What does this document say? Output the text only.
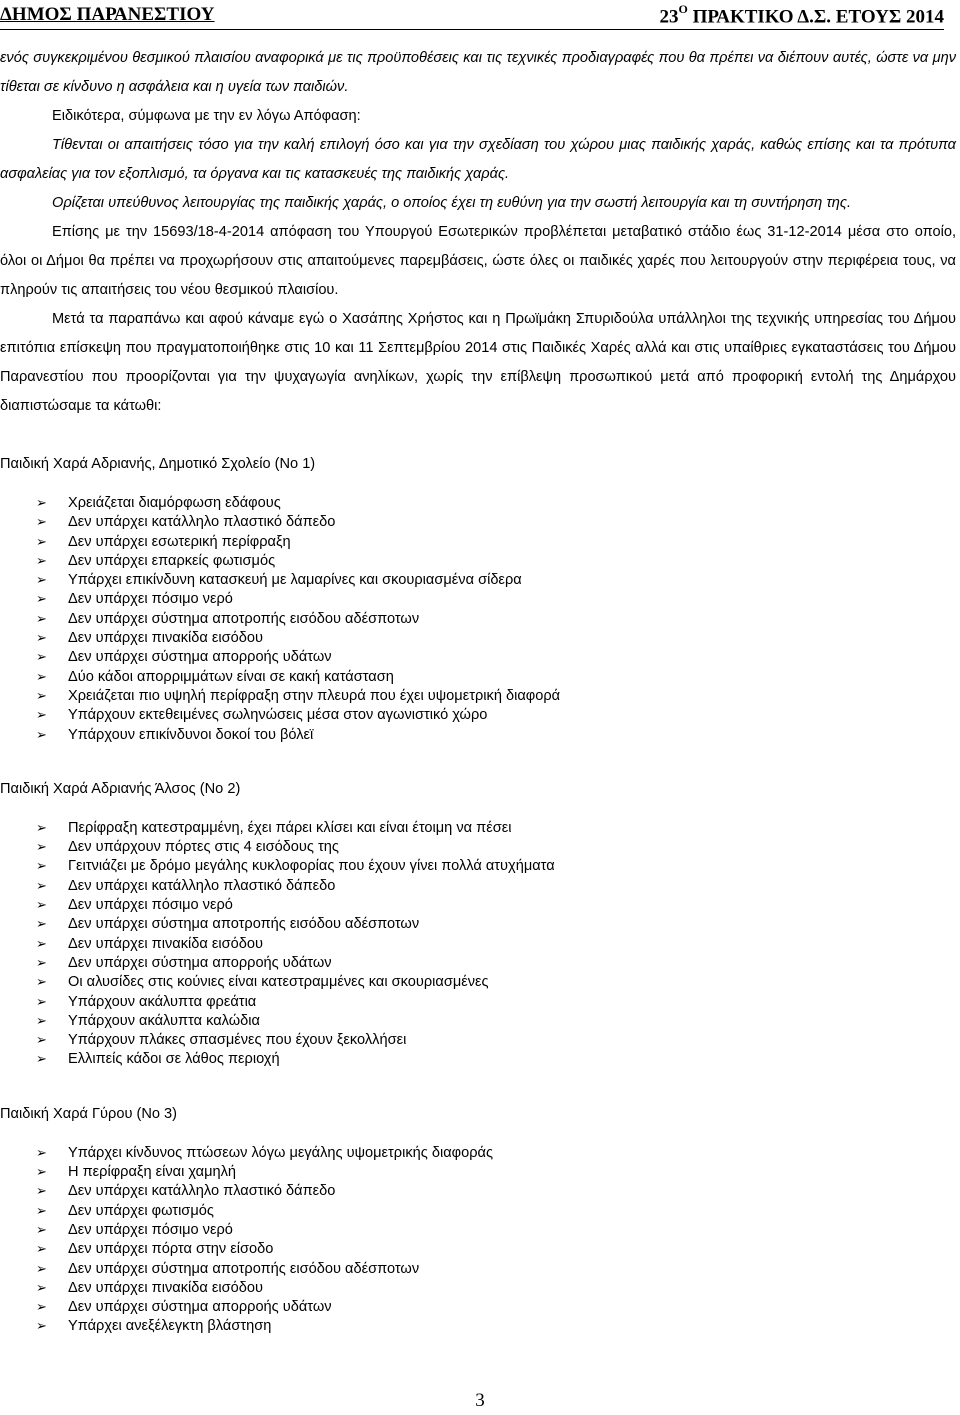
ΔΗΜΟΣ ΠΑΡΑΝΕΣΤΙΟΥ	$23^O$ ΠΡΑΚΤΙΚΟ Δ.Σ. ΕΤΟΥΣ 2014

ενός συγκεκριμένου θεσμικού πλαισίου αναφορικά με τις προϋποθέσεις και τις τεχνικές προδιαγραφές που θα πρέπει να διέπουν αυτές, ώστε να μην τίθεται σε κίνδυνο η ασφάλεια και η υγεία των παιδιών.

Ειδικότερα, σύμφωνα με την εν λόγω Απόφαση:

Τίθενται οι απαιτήσεις τόσο για την καλή επιλογή όσο και για την σχεδίαση του χώρου μιας παιδικής χαράς, καθώς επίσης και τα πρότυπα ασφαλείας για τον εξοπλισμό, τα όργανα και τις κατασκευές της παιδικής χαράς.

Ορίζεται υπεύθυνος λειτουργίας της παιδικής χαράς, ο οποίος έχει τη ευθύνη για την σωστή λειτουργία και τη συντήρηση της.

Επίσης με την 15693/18-4-2014 απόφαση του Υπουργού Εσωτερικών προβλέπεται μεταβατικό στάδιο έως 31-12-2014 μέσα στο οποίο, όλοι οι Δήμοι θα πρέπει να προχωρήσουν στις απαιτούμενες παρεμβάσεις, ώστε όλες οι παιδικές χαρές που λειτουργούν στην περιφέρεια τους, να πληρούν τις απαιτήσεις του νέου θεσμικού πλαισίου.

Μετά τα παραπάνω και αφού κάναμε εγώ ο Χασάπης Χρήστος και η Πρωϊμάκη Σπυριδούλα υπάλληλοι της τεχνικής υπηρεσίας του Δήμου επιτόπια επίσκεψη που πραγματοποιήθηκε στις 10 και 11 Σεπτεμβρίου 2014 στις Παιδικές Χαρές αλλά και στις υπαίθριες εγκαταστάσεις του Δήμου Παρανεστίου που προορίζονται για την ψυχαγωγία ανηλίκων, χωρίς την επίβλεψη προσωπικού μετά από προφορική εντολή της Δημάρχου διαπιστώσαμε τα κάτωθι:

Παιδική Χαρά Αδριανής, Δημοτικό Σχολείο (Νο 1)

➢ Χρειάζεται διαμόρφωση εδάφους
➢ Δεν υπάρχει κατάλληλο πλαστικό δάπεδο
➢ Δεν υπάρχει εσωτερική περίφραξη
➢ Δεν υπάρχει επαρκείς φωτισμός
➢ Υπάρχει επικίνδυνη κατασκευή με λαμαρίνες και σκουριασμένα σίδερα
➢ Δεν υπάρχει πόσιμο νερό
➢ Δεν υπάρχει σύστημα αποτροπής εισόδου αδέσποτων
➢ Δεν υπάρχει πινακίδα εισόδου
➢ Δεν υπάρχει σύστημα απορροής υδάτων
➢ Δύο κάδοι απορριμμάτων είναι σε κακή κατάσταση
➢ Χρειάζεται πιο υψηλή περίφραξη στην πλευρά που έχει υψομετρική διαφορά
➢ Υπάρχουν εκτεθειμένες σωληνώσεις μέσα στον αγωνιστικό χώρο
➢ Υπάρχουν επικίνδυνοι δοκοί του βόλεϊ

Παιδική Χαρά Αδριανής Άλσος (Νο 2)

➢ Περίφραξη κατεστραμμένη, έχει πάρει κλίσει και είναι έτοιμη να πέσει
➢ Δεν υπάρχουν πόρτες στις 4 εισόδους της
➢ Γειτνιάζει με δρόμο μεγάλης κυκλοφορίας που έχουν γίνει πολλά ατυχήματα
➢ Δεν υπάρχει κατάλληλο πλαστικό δάπεδο
➢ Δεν υπάρχει πόσιμο νερό
➢ Δεν υπάρχει σύστημα αποτροπής εισόδου αδέσποτων
➢ Δεν υπάρχει πινακίδα εισόδου
➢ Δεν υπάρχει σύστημα απορροής υδάτων
➢ Οι αλυσίδες στις κούνιες είναι κατεστραμμένες και σκουριασμένες
➢ Υπάρχουν ακάλυπτα φρεάτια
➢ Υπάρχουν ακάλυπτα καλώδια
➢ Υπάρχουν πλάκες σπασμένες που έχουν ξεκολλήσει
➢ Ελλιπείς κάδοι σε λάθος περιοχή

Παιδική Χαρά Γύρου (Νο 3)

➢ Υπάρχει κίνδυνος πτώσεων λόγω μεγάλης υψομετρικής διαφοράς
➢ Η περίφραξη είναι χαμηλή
➢ Δεν υπάρχει κατάλληλο πλαστικό δάπεδο
➢ Δεν υπάρχει φωτισμός
➢ Δεν υπάρχει πόσιμο νερό
➢ Δεν υπάρχει πόρτα στην είσοδο
➢ Δεν υπάρχει σύστημα αποτροπής εισόδου αδέσποτων
➢ Δεν υπάρχει πινακίδα εισόδου
➢ Δεν υπάρχει σύστημα απορροής υδάτων
➢ Υπάρχει ανεξέλεγκτη βλάστηση
3
